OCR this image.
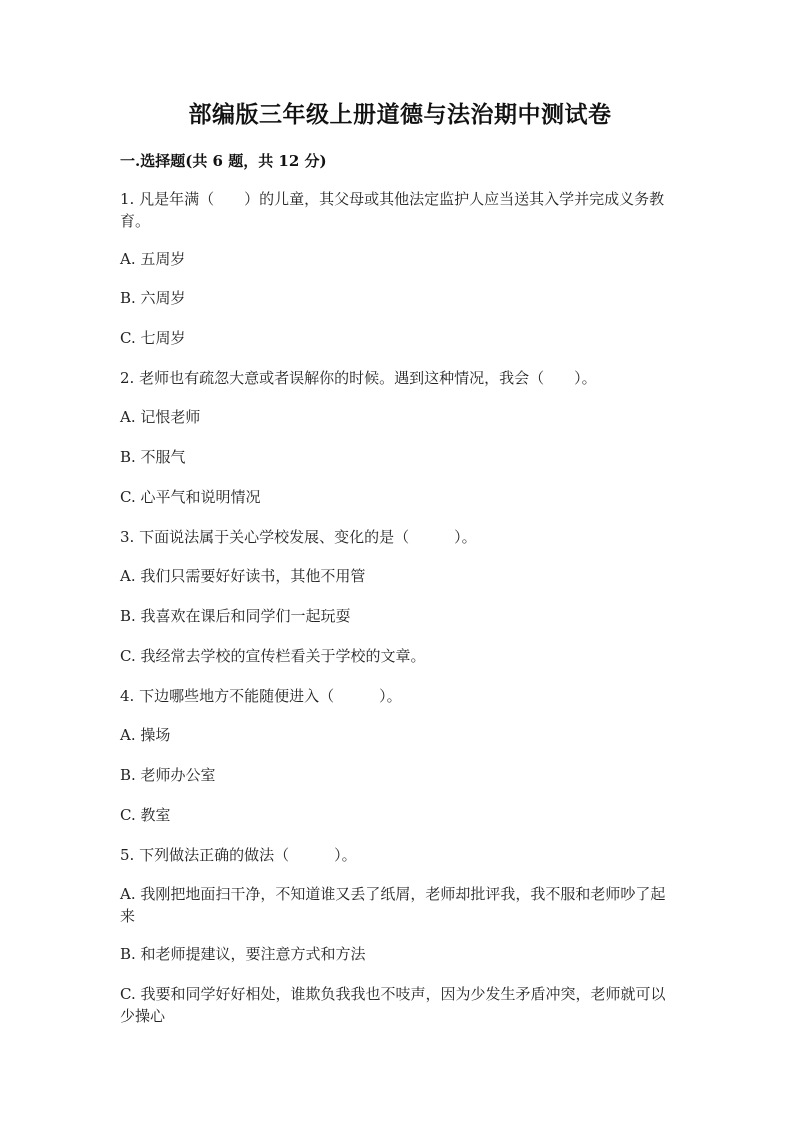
部编版三年级上册道德与法治期中测试卷
一.选择题(共 6 题，共 12 分)
1. 凡是年满（　　）的儿童，其父母或其他法定监护人应当送其入学并完成义务教育。
A. 五周岁
B. 六周岁
C. 七周岁
2. 老师也有疏忽大意或者误解你的时候。遇到这种情况，我会（　　）。
A. 记恨老师
B. 不服气
C. 心平气和说明情况
3. 下面说法属于关心学校发展、变化的是（　　　）。
A. 我们只需要好好读书，其他不用管
B. 我喜欢在课后和同学们一起玩耍
C. 我经常去学校的宣传栏看关于学校的文章。
4. 下边哪些地方不能随便进入（　　　）。
A. 操场
B. 老师办公室
C. 教室
5. 下列做法正确的做法（　　　）。
A. 我刚把地面扫干净，不知道谁又丢了纸屑，老师却批评我，我不服和老师吵了起来
B. 和老师提建议，要注意方式和方法
C. 我要和同学好好相处，谁欺负我我也不吱声，因为少发生矛盾冲突，老师就可以少操心
